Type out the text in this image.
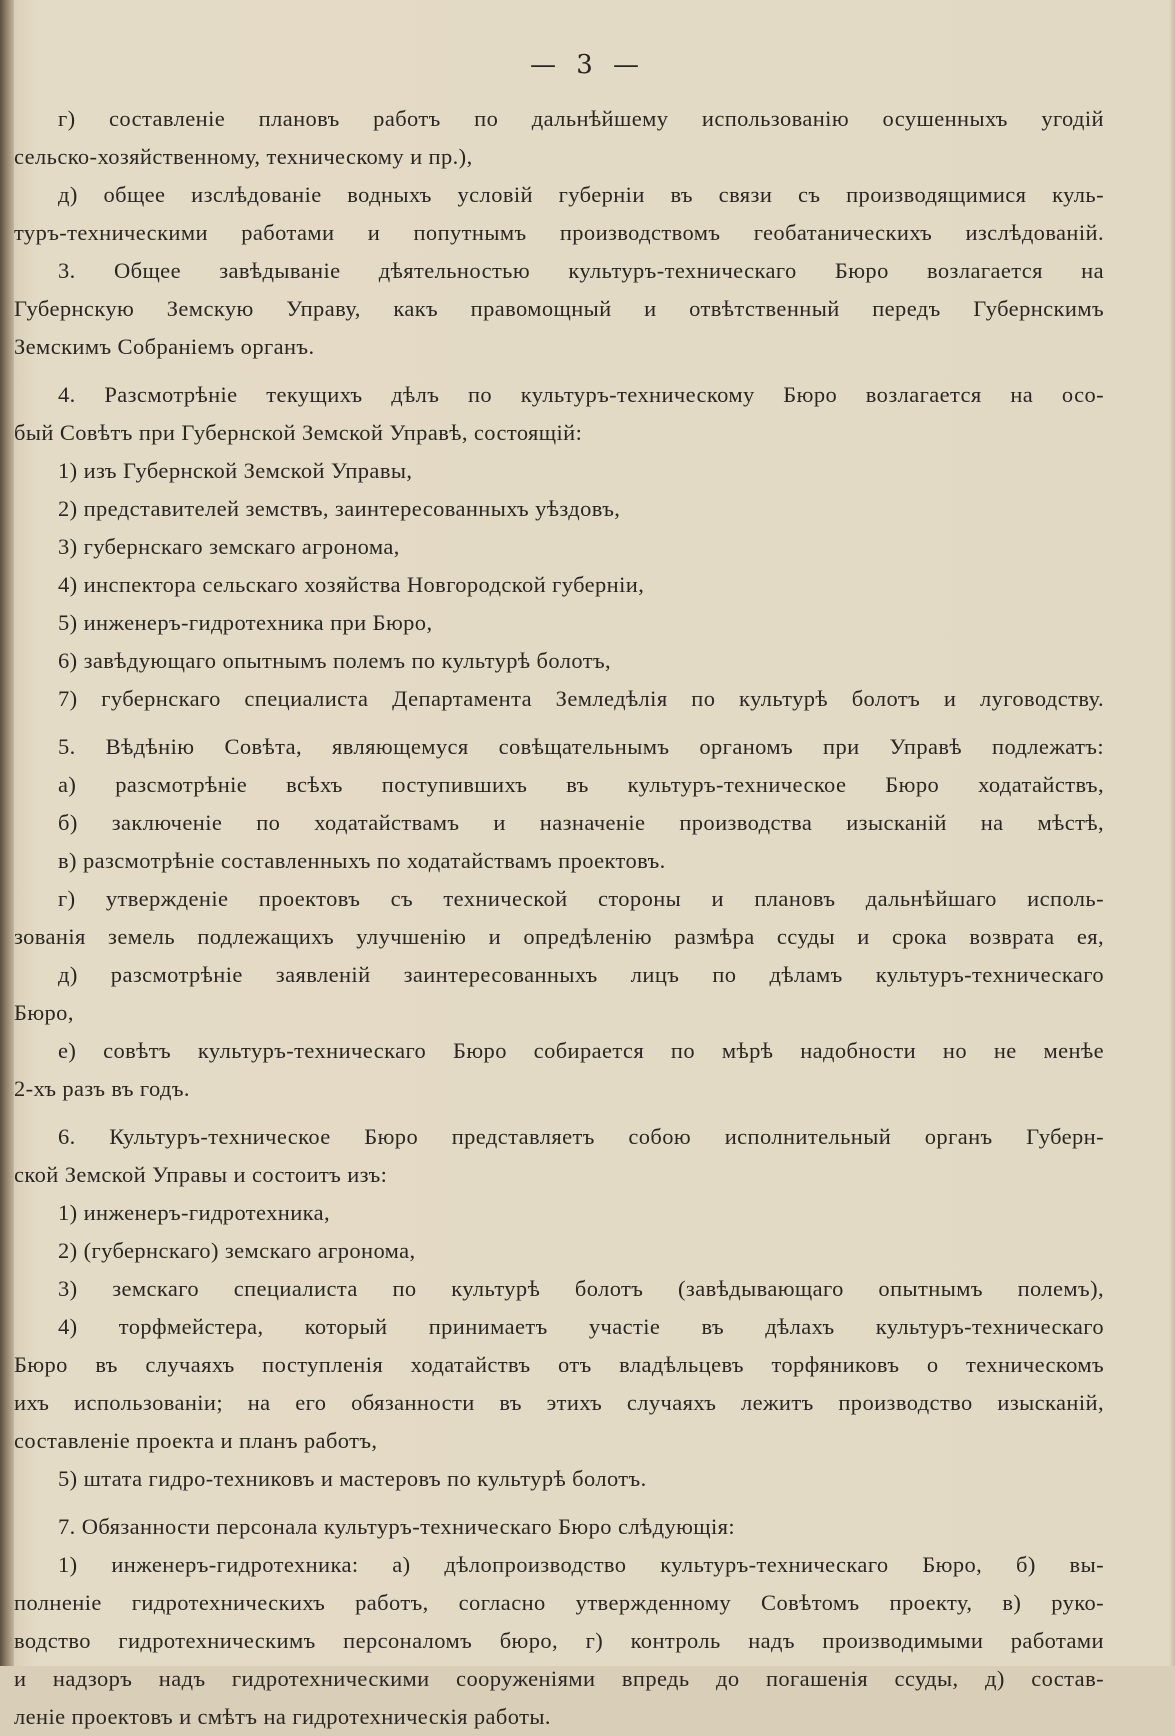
— 3 —
г) составленіе плановъ работъ по дальнѣйшему использованію осушенныхъ угодій
сельско-хозяйственному, техническому и пр.),
д) общее изслѣдованіе водныхъ условій губерніи въ связи съ производящимися куль-
туръ-техническими работами и попутнымъ производствомъ геобатаническихъ изслѣдованій.
3. Общее завѣдываніе дѣятельностью культуръ-техническаго Бюро возлагается на
Губернскую Земскую Управу, какъ правомощный и отвѣтственный передъ Губернскимъ
Земскимъ Собраніемъ органъ.
4. Разсмотрѣніе текущихъ дѣлъ по культуръ-техническому Бюро возлагается на осо-
бый Совѣтъ при Губернской Земской Управѣ, состоящій:
1) изъ Губернской Земской Управы,
2) представителей земствъ, заинтересованныхъ уѣздовъ,
3) губернскаго земскаго агронома,
4) инспектора сельскаго хозяйства Новгородской губерніи,
5) инженеръ-гидротехника при Бюро,
6) завѣдующаго опытнымъ полемъ по культурѣ болотъ,
7) губернскаго специалиста Департамента Земледѣлія по культурѣ болотъ и луговодству.
5. Вѣдѣнію Совѣта, являющемуся совѣщательнымъ органомъ при Управѣ подлежатъ:
а) разсмотрѣніе всѣхъ поступившихъ въ культуръ-техническое Бюро ходатайствъ,
б) заключеніе по ходатайствамъ и назначеніе производства изысканій на мѣстѣ,
в) разсмотрѣніе составленныхъ по ходатайствамъ проектовъ.
г) утвержденіе проектовъ съ технической стороны и плановъ дальнѣйшаго исполь-
зованія земель подлежащихъ улучшенію и опредѣленію размѣра ссуды и срока возврата ея,
д) разсмотрѣніе заявленій заинтересованныхъ лицъ по дѣламъ культуръ-техническаго
Бюро,
е) совѣтъ культуръ-техническаго Бюро собирается по мѣрѣ надобности но не менѣе
2-хъ разъ въ годъ.
6. Культуръ-техническое Бюро представляетъ собою исполнительный органъ Губерн-
ской Земской Управы и состоитъ изъ:
1) инженеръ-гидротехника,
2) (губернскаго) земскаго агронома,
3) земскаго специалиста по культурѣ болотъ (завѣдывающаго опытнымъ полемъ),
4) торфмейстера, который принимаетъ участіе въ дѣлахъ культуръ-техническаго
Бюро въ случаяхъ поступленія ходатайствъ отъ владѣльцевъ торфяниковъ о техническомъ
ихъ использованіи; на его обязанности въ этихъ случаяхъ лежитъ производство изысканій,
составленіе проекта и планъ работъ,
5) штата гидро-техниковъ и мастеровъ по культурѣ болотъ.
7. Обязанности персонала культуръ-техническаго Бюро слѣдующія:
1) инженеръ-гидротехника: а) дѣлопроизводство культуръ-техническаго Бюро, б) вы-
полненіе гидротехническихъ работъ, согласно утвержденному Совѣтомъ проекту, в) руко-
водство гидротехническимъ персоналомъ бюро, г) контроль надъ производимыми работами
и надзоръ надъ гидротехническими сооруженіями впредь до погашенія ссуды, д) состав-
леніе проектовъ и смѣтъ на гидротехническія работы.
